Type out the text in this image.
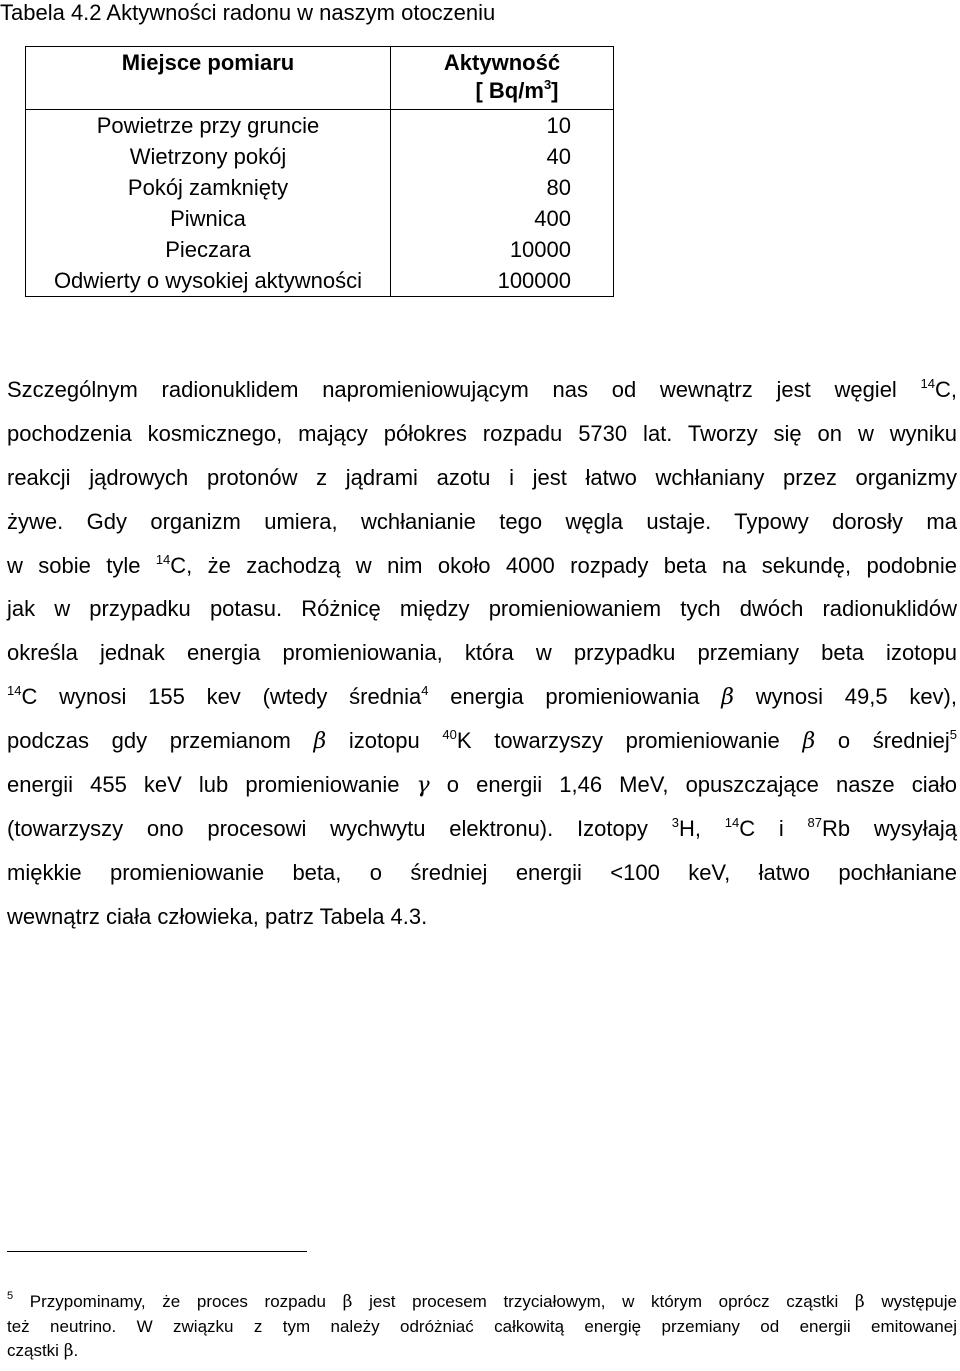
Tabela 4.2 Aktywności radonu w naszym otoczeniu
Miejsce pomiaru	Aktywność
[ $Bq/m^3$]

Powietrze przy gruncie	10
Wietrzony pokój	40
Pokój zamknięty	80
Piwnica	400
Pieczara	10000
Odwierty o wysokiej aktywności	100000
Szczególnym radionuklidem napromieniowującym nas od wewnątrz jest węgiel $^{14}$C,
pochodzenia kosmicznego, mający półokres rozpadu 5730 lat. Tworzy się on w wyniku
reakcji jądrowych protonów z jądrami azotu i jest łatwo wchłaniany przez organizmy
żywe. Gdy organizm umiera, wchłanianie tego węgla ustaje. Typowy dorosły ma
w sobie tyle $^{14}$C, że zachodzą w nim około 4000 rozpady beta na sekundę, podobnie
jak w przypadku potasu. Różnicę między promieniowaniem tych dwóch radionuklidów
określa jednak energia promieniowania, która w przypadku przemiany beta izotopu
$^{14}$C wynosi 155 kev (wtedy średnia$^4$ energia promieniowania β wynosi 49,5 kev),
podczas gdy przemianom β izotopu $^{40}$K towarzyszy promieniowanie β o średniej$^5$
energii 455 keV lub promieniowanie γ o energii 1,46 MeV, opuszczające nasze ciało
(towarzyszy ono procesowi wychwytu elektronu). Izotopy $^3$H, $^{14}$C i $^{87}$Rb wysyłają
miękkie promieniowanie beta, o średniej energii <100 keV, łatwo pochłaniane
wewnątrz ciała człowieka, patrz Tabela 4.3.
$^5$ Przypominamy, że proces rozpadu β jest procesem trzyciałowym, w którym oprócz cząstki β występuje
też neutrino. W związku z tym należy odróżniać całkowitą energię przemiany od energii emitowanej
cząstki β.
